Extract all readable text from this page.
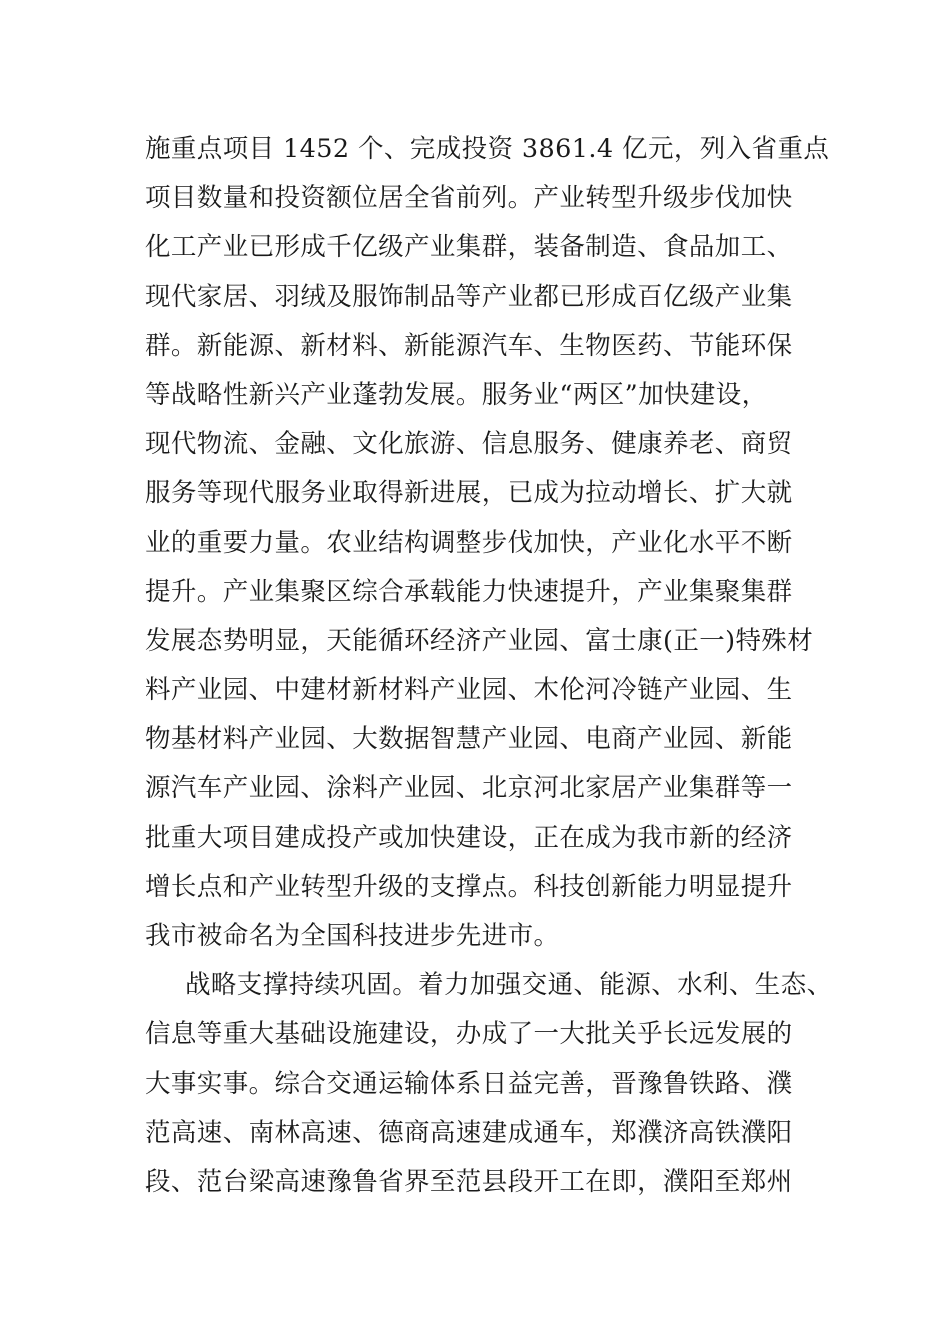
施重点项目 1452 个、完成投资 3861.4 亿元，列入省重点
项目数量和投资额位居全省前列。产业转型升级步伐加快
化工产业已形成千亿级产业集群，装备制造、食品加工、
现代家居、羽绒及服饰制品等产业都已形成百亿级产业集
群。新能源、新材料、新能源汽车、生物医药、节能环保
等战略性新兴产业蓬勃发展。服务业“两区”加快建设，
现代物流、金融、文化旅游、信息服务、健康养老、商贸
服务等现代服务业取得新进展，已成为拉动增长、扩大就
业的重要力量。农业结构调整步伐加快，产业化水平不断
提升。产业集聚区综合承载能力快速提升，产业集聚集群
发展态势明显，天能循环经济产业园、富士康(正一)特殊材
料产业园、中建材新材料产业园、木伦河冷链产业园、生
物基材料产业园、大数据智慧产业园、电商产业园、新能
源汽车产业园、涂料产业园、北京河北家居产业集群等一
批重大项目建成投产或加快建设，正在成为我市新的经济
增长点和产业转型升级的支撑点。科技创新能力明显提升
我市被命名为全国科技进步先进市。
战略支撑持续巩固。着力加强交通、能源、水利、生态、
信息等重大基础设施建设，办成了一大批关乎长远发展的
大事实事。综合交通运输体系日益完善，晋豫鲁铁路、濮
范高速、南林高速、德商高速建成通车，郑濮济高铁濮阳
段、范台梁高速豫鲁省界至范县段开工在即，濮阳至郑州
